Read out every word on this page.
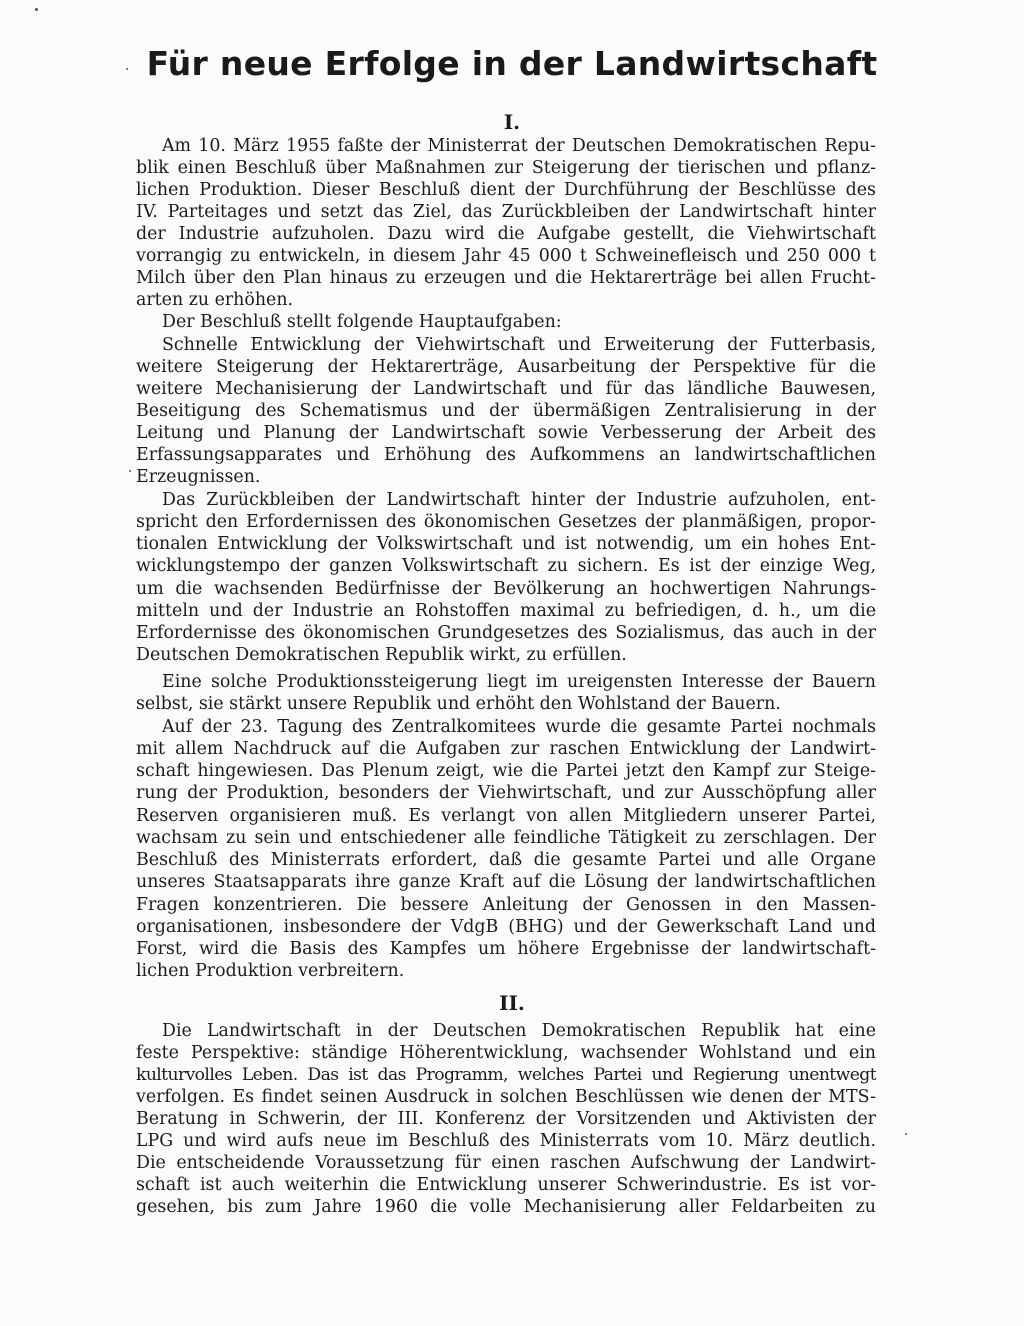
Für neue Erfolge in der Landwirtschaft
I.
Am 10. März 1955 faßte der Ministerrat der Deutschen Demokratischen Repu-
blik einen Beschluß über Maßnahmen zur Steigerung der tierischen und pflanz-
lichen Produktion. Dieser Beschluß dient der Durchführung der Beschlüsse des
IV. Parteitages und setzt das Ziel, das Zurückbleiben der Landwirtschaft hinter
der Industrie aufzuholen. Dazu wird die Aufgabe gestellt, die Viehwirtschaft
vorrangig zu entwickeln, in diesem Jahr 45 000 t Schweinefleisch und 250 000 t
Milch über den Plan hinaus zu erzeugen und die Hektarerträge bei allen Frucht-
arten zu erhöhen.
Der Beschluß stellt folgende Hauptaufgaben:
Schnelle Entwicklung der Viehwirtschaft und Erweiterung der Futterbasis,
weitere Steigerung der Hektarerträge, Ausarbeitung der Perspektive für die
weitere Mechanisierung der Landwirtschaft und für das ländliche Bauwesen,
Beseitigung des Schematismus und der übermäßigen Zentralisierung in der
Leitung und Planung der Landwirtschaft sowie Verbesserung der Arbeit des
Erfassungsapparates und Erhöhung des Aufkommens an landwirtschaftlichen
Erzeugnissen.
Das Zurückbleiben der Landwirtschaft hinter der Industrie aufzuholen, ent-
spricht den Erfordernissen des ökonomischen Gesetzes der planmäßigen, propor-
tionalen Entwicklung der Volkswirtschaft und ist notwendig, um ein hohes Ent-
wicklungstempo der ganzen Volkswirtschaft zu sichern. Es ist der einzige Weg,
um die wachsenden Bedürfnisse der Bevölkerung an hochwertigen Nahrungs-
mitteln und der Industrie an Rohstoffen maximal zu befriedigen, d. h., um die
Erfordernisse des ökonomischen Grundgesetzes des Sozialismus, das auch in der
Deutschen Demokratischen Republik wirkt, zu erfüllen.
Eine solche Produktionssteigerung liegt im ureigensten Interesse der Bauern
selbst, sie stärkt unsere Republik und erhöht den Wohlstand der Bauern.
Auf der 23. Tagung des Zentralkomitees wurde die gesamte Partei nochmals
mit allem Nachdruck auf die Aufgaben zur raschen Entwicklung der Landwirt-
schaft hingewiesen. Das Plenum zeigt, wie die Partei jetzt den Kampf zur Steige-
rung der Produktion, besonders der Viehwirtschaft, und zur Ausschöpfung aller
Reserven organisieren muß. Es verlangt von allen Mitgliedern unserer Partei,
wachsam zu sein und entschiedener alle feindliche Tätigkeit zu zerschlagen. Der
Beschluß des Ministerrats erfordert, daß die gesamte Partei und alle Organe
unseres Staatsapparats ihre ganze Kraft auf die Lösung der landwirtschaftlichen
Fragen konzentrieren. Die bessere Anleitung der Genossen in den Massen-
organisationen, insbesondere der VdgB (BHG) und der Gewerkschaft Land und
Forst, wird die Basis des Kampfes um höhere Ergebnisse der landwirtschaft-
lichen Produktion verbreitern.
II.
Die Landwirtschaft in der Deutschen Demokratischen Republik hat eine
feste Perspektive: ständige Höherentwicklung, wachsender Wohlstand und ein
kulturvolles Leben. Das ist das Programm, welches Partei und Regierung unentwegt
verfolgen. Es findet seinen Ausdruck in solchen Beschlüssen wie denen der MTS-
Beratung in Schwerin, der III. Konferenz der Vorsitzenden und Aktivisten der
LPG und wird aufs neue im Beschluß des Ministerrats vom 10. März deutlich.
Die entscheidende Voraussetzung für einen raschen Aufschwung der Landwirt-
schaft ist auch weiterhin die Entwicklung unserer Schwerindustrie. Es ist vor-
gesehen, bis zum Jahre 1960 die volle Mechanisierung aller Feldarbeiten zu
